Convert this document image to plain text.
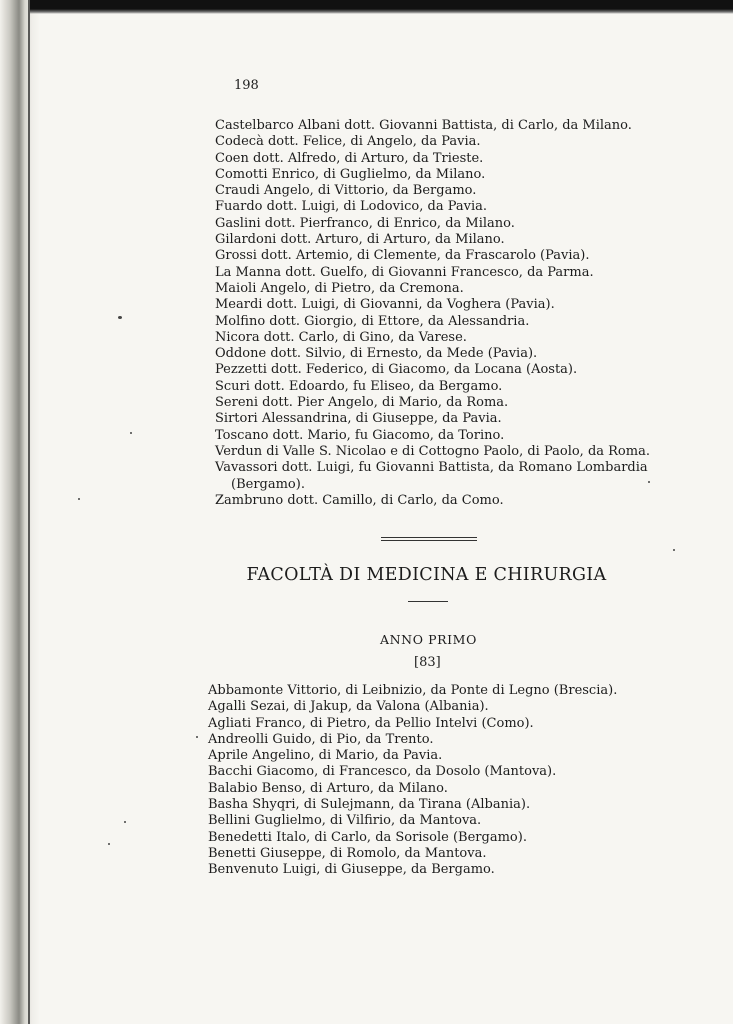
198
Castelbarco Albani dott. Giovanni Battista, di Carlo, da Milano.
Codecà dott. Felice, di Angelo, da Pavia.
Coen dott. Alfredo, di Arturo, da Trieste.
Comotti Enrico, di Guglielmo, da Milano.
Craudi Angelo, di Vittorio, da Bergamo.
Fuardo dott. Luigi, di Lodovico, da Pavia.
Gaslini dott. Pierfranco, di Enrico, da Milano.
Gilardoni dott. Arturo, di Arturo, da Milano.
Grossi dott. Artemio, di Clemente, da Frascarolo (Pavia).
La Manna dott. Guelfo, di Giovanni Francesco, da Parma.
Maioli Angelo, di Pietro, da Cremona.
Meardi dott. Luigi, di Giovanni, da Voghera (Pavia).
Molfino dott. Giorgio, di Ettore, da Alessandria.
Nicora dott. Carlo, di Gino, da Varese.
Oddone dott. Silvio, di Ernesto, da Mede (Pavia).
Pezzetti dott. Federico, di Giacomo, da Locana (Aosta).
Scuri dott. Edoardo, fu Eliseo, da Bergamo.
Sereni dott. Pier Angelo, di Mario, da Roma.
Sirtori Alessandrina, di Giuseppe, da Pavia.
Toscano dott. Mario, fu Giacomo, da Torino.
Verdun di Valle S. Nicolao e di Cottogno Paolo, di Paolo, da Roma.
Vavassori dott. Luigi, fu Giovanni Battista, da Romano Lombardia
(Bergamo).
Zambruno dott. Camillo, di Carlo, da Como.
FACOLTÀ DI MEDICINA E CHIRURGIA
ANNO PRIMO
[83]
Abbamonte Vittorio, di Leibnizio, da Ponte di Legno (Brescia).
Agalli Sezai, di Jakup, da Valona (Albania).
Agliati Franco, di Pietro, da Pellio Intelvi (Como).
Andreolli Guido, di Pio, da Trento.
Aprile Angelino, di Mario, da Pavia.
Bacchi Giacomo, di Francesco, da Dosolo (Mantova).
Balabio Benso, di Arturo, da Milano.
Basha Shyqri, di Sulejmann, da Tirana (Albania).
Bellini Guglielmo, di Vilfirio, da Mantova.
Benedetti Italo, di Carlo, da Sorisole (Bergamo).
Benetti Giuseppe, di Romolo, da Mantova.
Benvenuto Luigi, di Giuseppe, da Bergamo.
